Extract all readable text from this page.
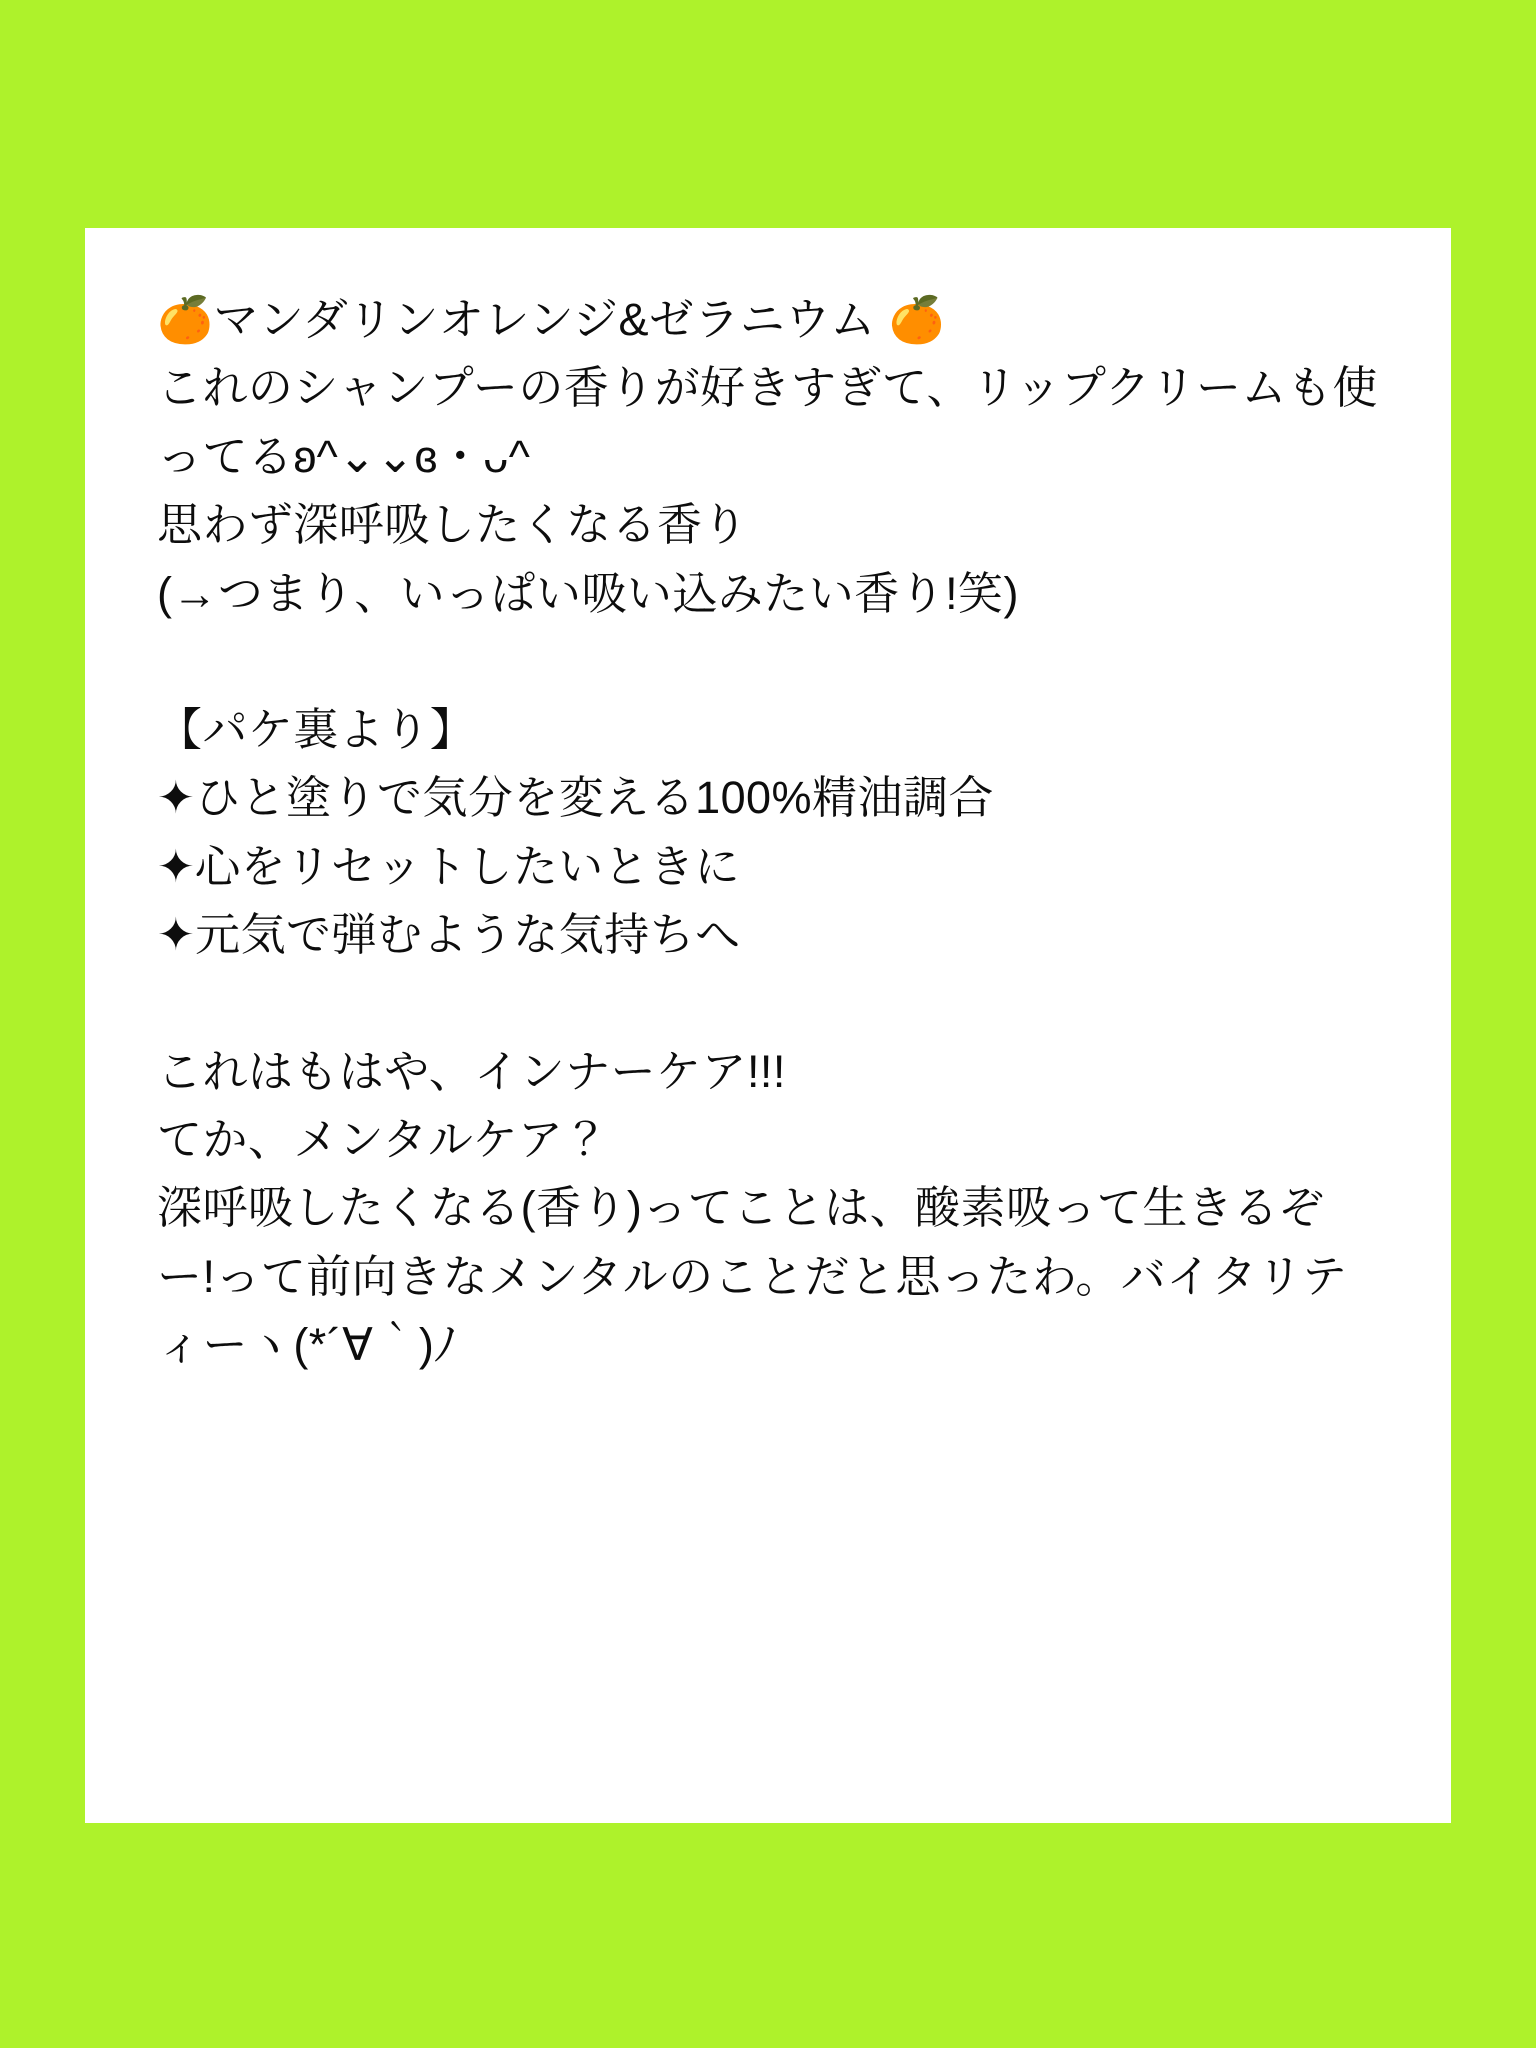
🍊マンダリンオレンジ&ゼラニウム 🍊
これのシャンプーの香りが好きすぎて、リップクリームも使ってるʚ^⌄⌄ɞ・ᴗ^
思わず深呼吸したくなる香り
(→つまり、いっぱい吸い込みたい香り!笑)
【パケ裏より】
✦ひと塗りで気分を変える100%精油調合
✦心をリセットしたいときに
✦元気で弾むような気持ちへ
これはもはや、インナーケア!!!
てか、メンタルケア？
深呼吸したくなる(香り)ってことは、酸素吸って生きるぞー!って前向きなメンタルのことだと思ったわ。バイタリティーヽ(*´∀｀)ﾉ
